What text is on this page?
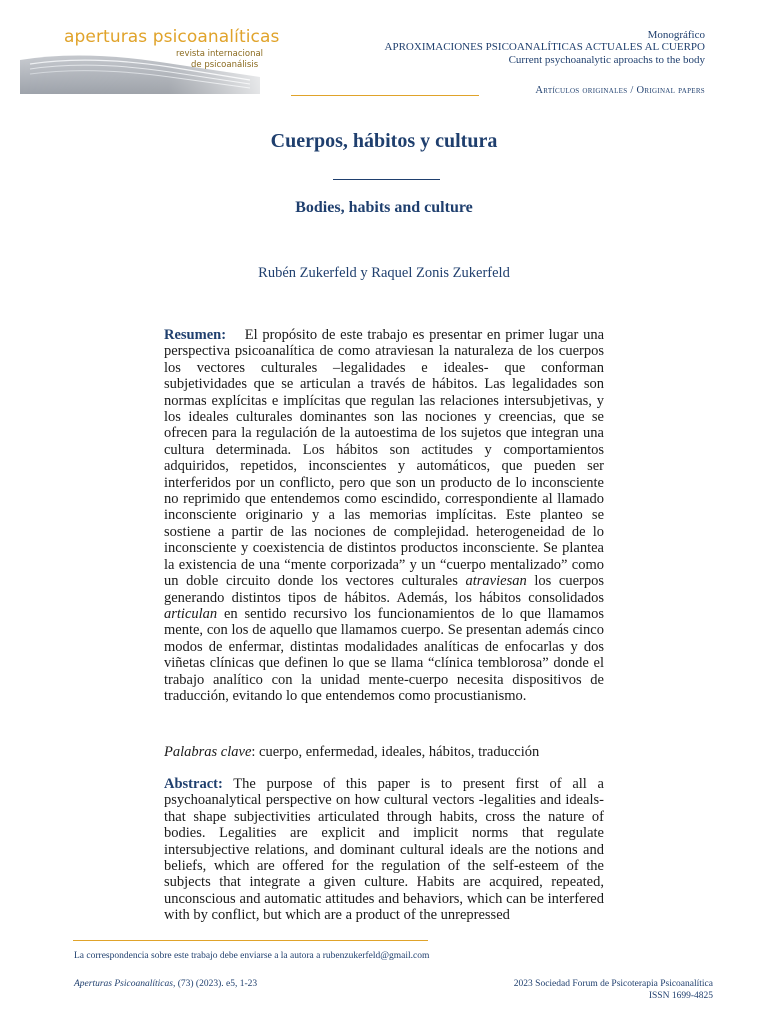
aperturas psicoanalíticas
revista internacional
de psicoanálisis
Monográfico
APROXIMACIONES PSICOANALÍTICAS ACTUALES AL CUERPO
Current psychoanalytic aproachs to the body
Artículos originales / Original papers
Cuerpos, hábitos y cultura
Bodies, habits and culture
Rubén Zukerfeld y Raquel Zonis Zukerfeld
Resumen: El propósito de este trabajo es presentar en primer lugar una perspectiva psicoanalítica de como atraviesan la naturaleza de los cuerpos los vectores culturales –legalidades e ideales- que conforman subjetividades que se articulan a través de hábitos. Las legalidades son normas explícitas e implícitas que regulan las relaciones intersubjetivas, y los ideales culturales dominantes son las nociones y creencias, que se ofrecen para la regulación de la autoestima de los sujetos que integran una cultura determinada. Los hábitos son actitudes y comportamientos adquiridos, repetidos, inconscientes y automáticos, que pueden ser interferidos por un conflicto, pero que son un producto de lo inconsciente no reprimido que entendemos como escindido, correspondiente al llamado inconsciente originario y a las memorias implícitas. Este planteo se sostiene a partir de las nociones de complejidad. heterogeneidad de lo inconsciente y coexistencia de distintos productos inconsciente. Se plantea la existencia de una “mente corporizada” y un “cuerpo mentalizado” como un doble circuito donde los vectores culturales atraviesan los cuerpos generando distintos tipos de hábitos. Además, los hábitos consolidados articulan en sentido recursivo los funcionamientos de lo que llamamos mente, con los de aquello que llamamos cuerpo. Se presentan además cinco modos de enfermar, distintas modalidades analíticas de enfocarlas y dos viñetas clínicas que definen lo que se llama “clínica temblorosa” donde el trabajo analítico con la unidad mente-cuerpo necesita dispositivos de traducción, evitando lo que entendemos como procustianismo.
Palabras clave: cuerpo, enfermedad, ideales, hábitos, traducción
Abstract: The purpose of this paper is to present first of all a psychoanalytical perspective on how cultural vectors -legalities and ideals- that shape subjectivities articulated through habits, cross the nature of bodies. Legalities are explicit and implicit norms that regulate intersubjective relations, and dominant cultural ideals are the notions and beliefs, which are offered for the regulation of the self-esteem of the subjects that integrate a given culture. Habits are acquired, repeated, unconscious and automatic attitudes and behaviors, which can be interfered with by conflict, but which are a product of the unrepressed
La correspondencia sobre este trabajo debe enviarse a la autora a rubenzukerfeld@gmail.com
Aperturas Psicoanalíticas, (73) (2023). e5, 1-23	2023 Sociedad Forum de Psicoterapia Psicoanalítica
ISSN 1699-4825
